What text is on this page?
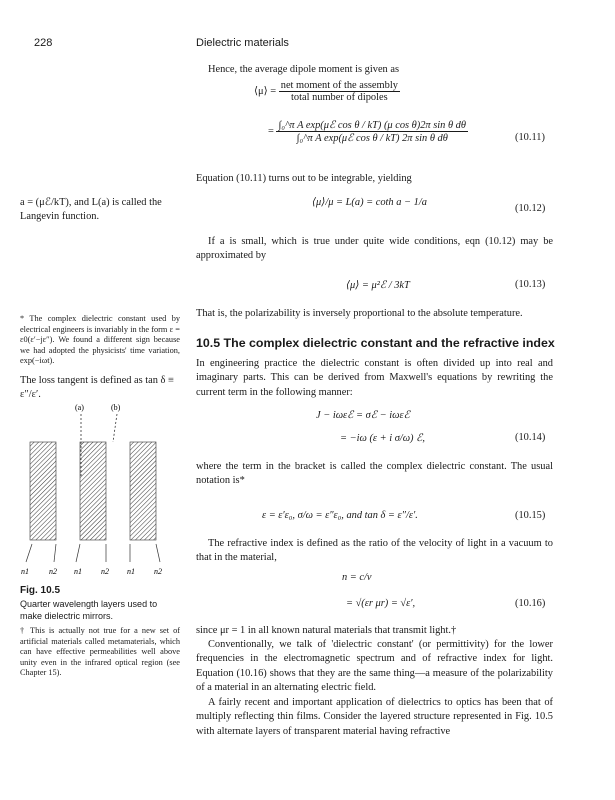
228	Dielectric materials
Hence, the average dipole moment is given as
⟨μ⟩ = $\frac{\text{net moment of the assembly}}{\text{total number of dipoles}}$
= $\frac{\text{∫₀\textasciicircum{}π A exp(μℰ cos θ / kT) (μ cos θ)2π sin θ dθ}}{\text{∫₀\textasciicircum{}π A exp(μℰ cos θ / kT) 2π sin θ dθ}}$	(10.11)
Equation (10.11) turns out to be integrable, yielding
⟨μ⟩/μ = L(a) = coth a − 1/a
(10.12)
If a is small, which is true under quite wide conditions, eqn (10.12) may be approximated by
⟨μ⟩ = μ²ℰ / 3kT	(10.13)
That is, the polarizability is inversely proportional to the absolute temperature.
10.5 The complex dielectric constant and the refractive index
In engineering practice the dielectric constant is often divided up into real and imaginary parts. This can be derived from Maxwell's equations by rewriting the current term in the following manner:
J − iωεℰ = σℰ − iωεℰ
= −iω (ε + i σ/ω) ℰ,	(10.14)
where the term in the bracket is called the complex dielectric constant. The usual notation is*
ε = ε′ε₀, σ/ω = ε″ε₀, and tan δ = ε″/ε′.	(10.15)
The refractive index is defined as the ratio of the velocity of light in a vacuum to that in the material,
n = c/v
= √(εr μr) = √ε′,	(10.16)
since μr = 1 in all known natural materials that transmit light.†
Conventionally, we talk of 'dielectric constant' (or permittivity) for the lower frequencies in the electromagnetic spectrum and of refractive index for light. Equation (10.16) shows that they are the same thing—a measure of the polarizability of a material in an alternating electric field.
A fairly recent and important application of dielectrics to optics has been that of multiply reflecting thin films. Consider the layered structure represented in Fig. 10.5 with alternate layers of transparent material having refractive
a = (μℰ/kT), and L(a) is called the Langevin function.
* The complex dielectric constant used by electrical engineers is invariably in the form ε = ε0(ε′−jε″). We found a different sign because we had adopted the physicists' time variation, exp(−iωt).
The loss tangent is defined as tan δ ≡ ε″/ε′.
(a)	(b)
n1	n2 n1 n2 n1 n2
Fig. 10.5
Quarter wavelength layers used to make dielectric mirrors.
† This is actually not true for a new set of artificial materials called metamaterials, which can have effective permeabilities well above unity even in the infrared optical region (see Chapter 15).
